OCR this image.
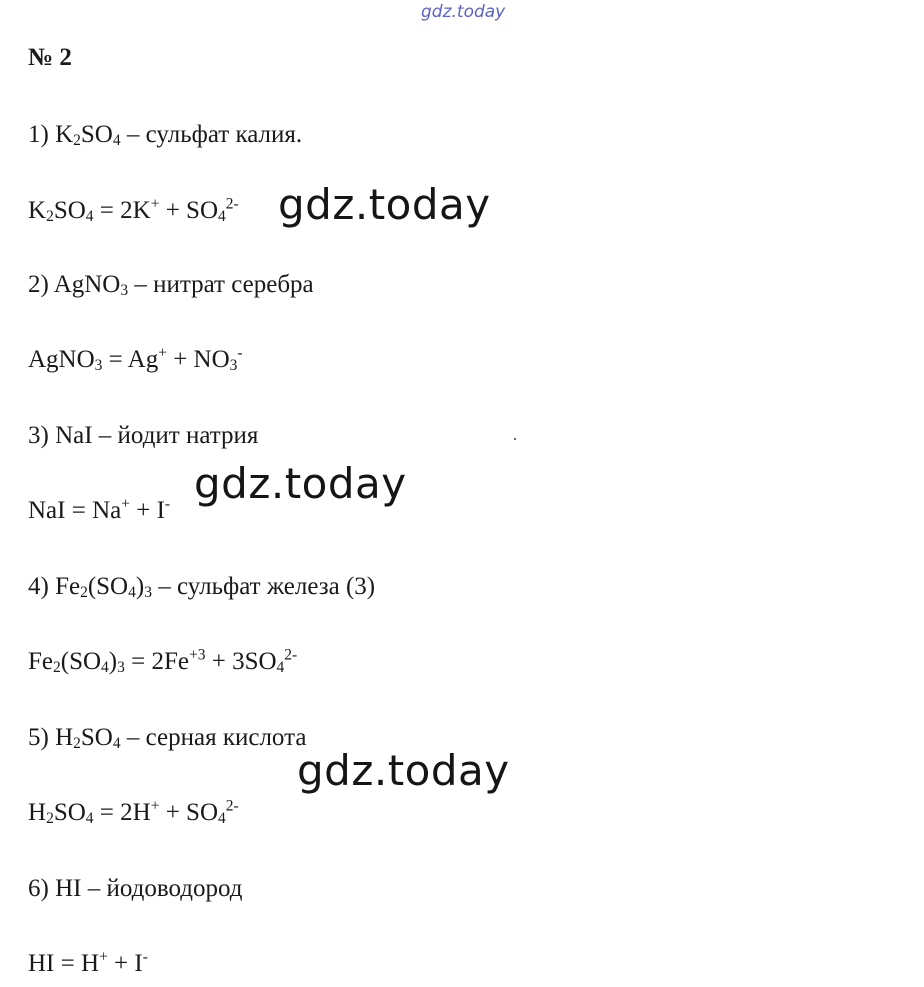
gdz.today
№ 2
1) $K_2SO_4$ – сульфат калия.
$K_2SO_4 = 2K^+ + SO_4^{2-}$ gdz.today
2) AgNO$_3$ – нитрат серебра
AgNO$_3$ = $Ag^+ + NO_3^-$
3) NaI – йодит натрия
NaI = Na+ + I- gdz.today
4) $Fe_2(SO_4)_3$ – сульфат железа (3)
$Fe_2(SO_4)_3 = 2Fe^{+3} + 3SO_4^{2-}$
5) $H_2SO_4$ – серная кислота
gdz.today
$H_2SO_4 = 2H^+ + SO_4^{2-}$
6) HI – йодоводород
HI = H+ + I-
